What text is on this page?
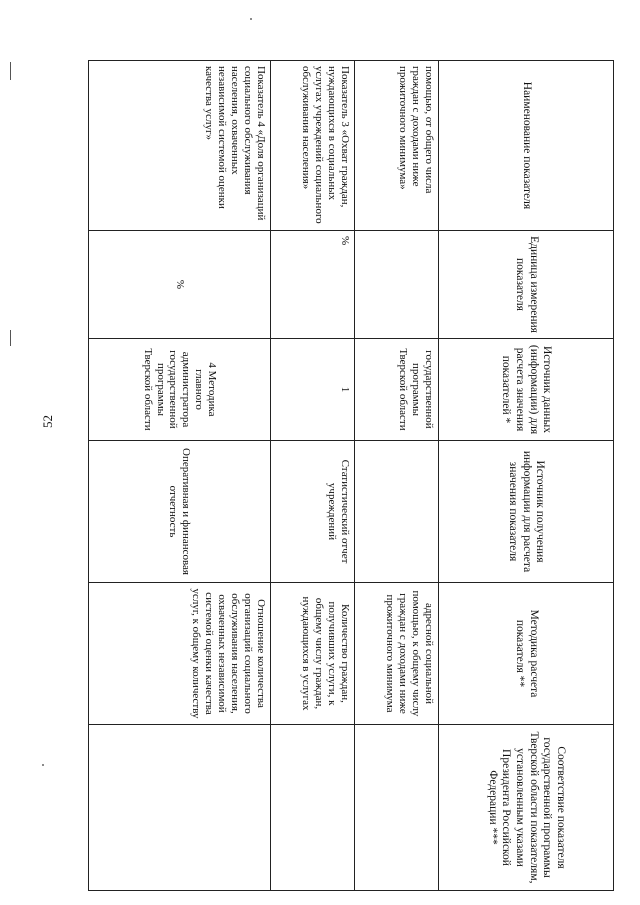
52
Наименование показателя	Единица измерения показателя	Источник данных (информации) для расчета значения показателей *	Источник получения информации для расчета значения показателя	Методика расчета показателя **	Соответствие показателя государственной программы Тверской области показателям, установленным указами Президента Российской Федерации ***
помощью, от общего числа граждан с доходами ниже прожиточного минимума»		государственной программы Тверской области		адресной социальной помощью, к общему числу граждан с доходами ниже прожиточного минимума	
Показатель 3 «Охват граждан, нуждающихся в социальных услугах учреждений социального обслуживания населения»	%	1	Статистический отчет учреждений	Количество граждан, получивших услуги, к общему числу граждан, нуждающихся в услугах	
Показатель 4 «Доля организаций социального обслуживания населения, охваченных независимой системой оценки качества услуг»	%	4 Методика главного администратора государственной программы Тверской области	Оперативная и финансовая отчетность	Отношение количества организаций социального обслуживания населения, охваченных независимой системой оценки качества услуг, к общему количеству	
